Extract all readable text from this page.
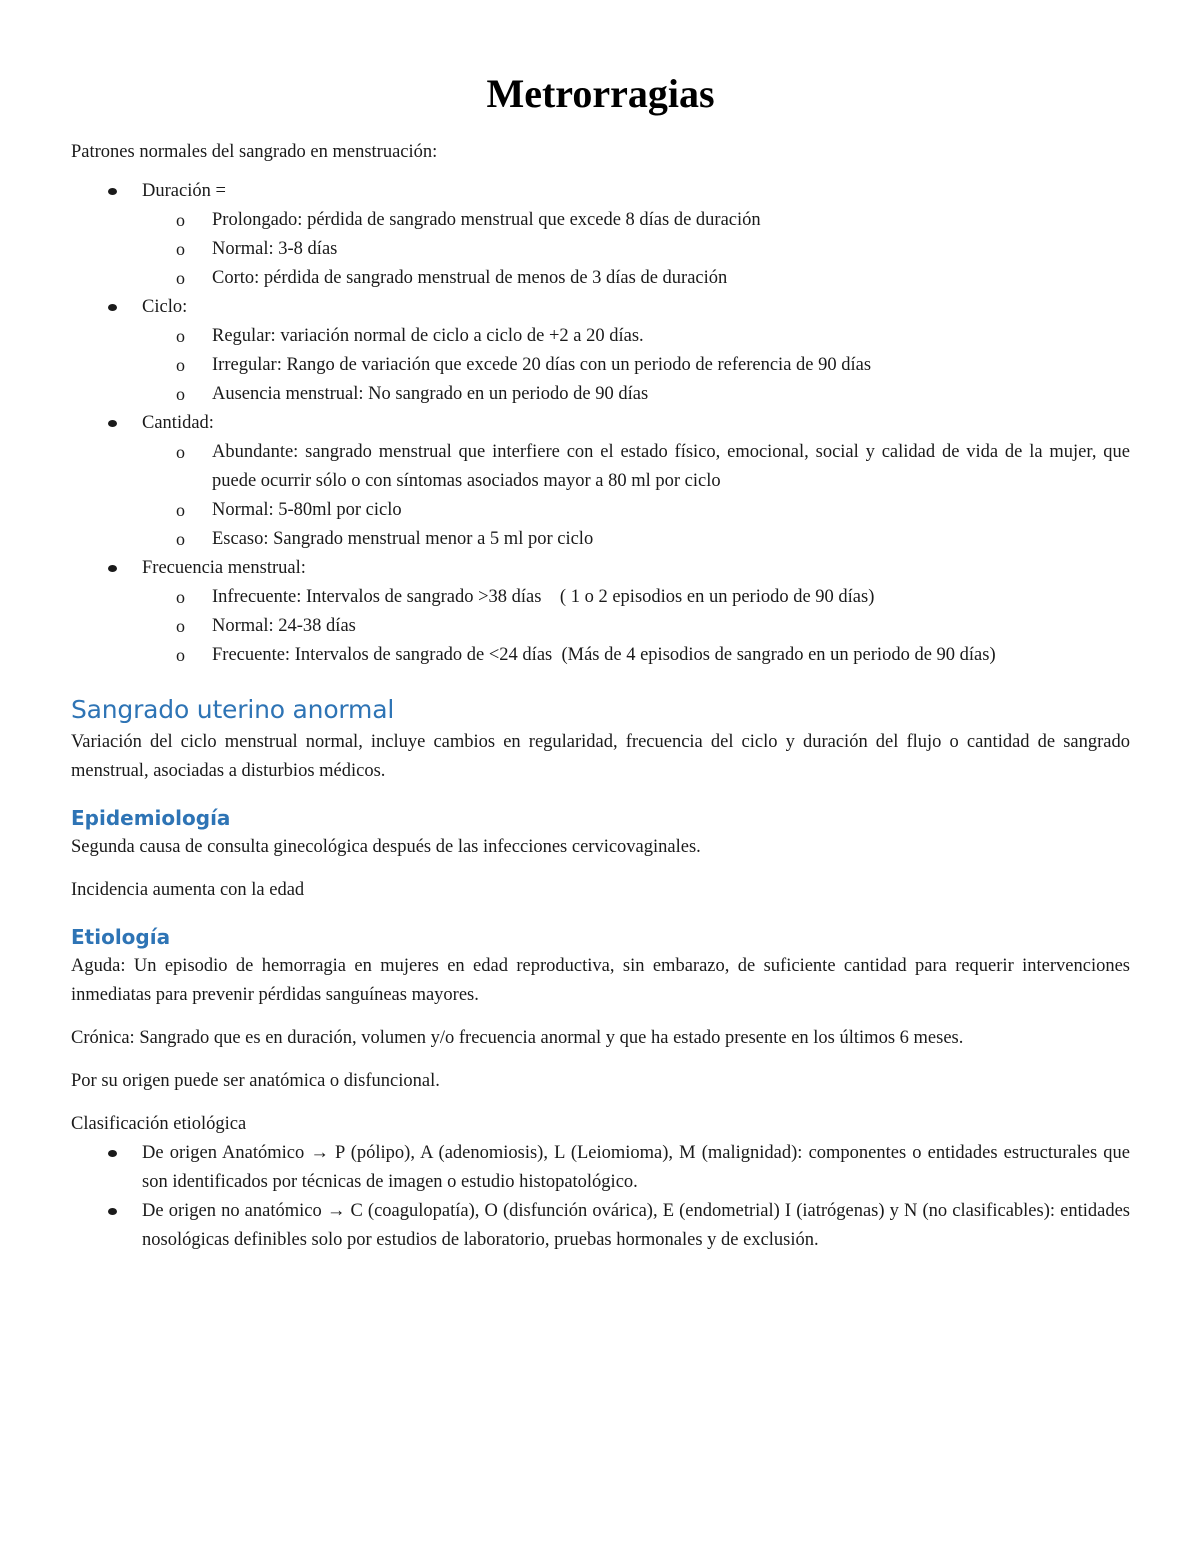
Metrorragias

Patrones normales del sangrado en menstruación:

Duración =
o Prolongado: pérdida de sangrado menstrual que excede 8 días de duración
o Normal: 3-8 días
o Corto: pérdida de sangrado menstrual de menos de 3 días de duración
Ciclo:
o Regular: variación normal de ciclo a ciclo de +2 a 20 días.
o Irregular: Rango de variación que excede 20 días con un periodo de referencia de 90 días
o Ausencia menstrual: No sangrado en un periodo de 90 días
Cantidad:
o Abundante: sangrado menstrual que interfiere con el estado físico, emocional, social y calidad de vida de la mujer, que puede ocurrir sólo o con síntomas asociados mayor a 80 ml por ciclo
o Normal: 5-80ml por ciclo
o Escaso: Sangrado menstrual menor a 5 ml por ciclo
Frecuencia menstrual:
o Infrecuente: Intervalos de sangrado >38 días    ( 1 o 2 episodios en un periodo de 90 días)
o Normal: 24-38 días
o Frecuente: Intervalos de sangrado de <24 días  (Más de 4 episodios de sangrado en un periodo de 90 días)
Sangrado uterino anormal

Variación del ciclo menstrual normal, incluye cambios en regularidad, frecuencia del ciclo y duración del flujo o cantidad de sangrado menstrual, asociadas a disturbios médicos.

Epidemiología

Segunda causa de consulta ginecológica después de las infecciones cervicovaginales.

Incidencia aumenta con la edad

Etiología

Aguda: Un episodio de hemorragia en mujeres en edad reproductiva, sin embarazo, de suficiente cantidad para requerir intervenciones inmediatas para prevenir pérdidas sanguíneas mayores.

Crónica: Sangrado que es en duración, volumen y/o frecuencia anormal y que ha estado presente en los últimos 6 meses.

Por su origen puede ser anatómica o disfuncional.

Clasificación etiológica

De origen Anatómico → P (pólipo), A (adenomiosis), L (Leiomioma), M (malignidad): componentes o entidades estructurales que son identificados por técnicas de imagen o estudio histopatológico.
De origen no anatómico → C (coagulopatía), O (disfunción ovárica), E (endometrial) I (iatrógenas) y N (no clasificables): entidades nosológicas definibles solo por estudios de laboratorio, pruebas hormonales y de exclusión.
